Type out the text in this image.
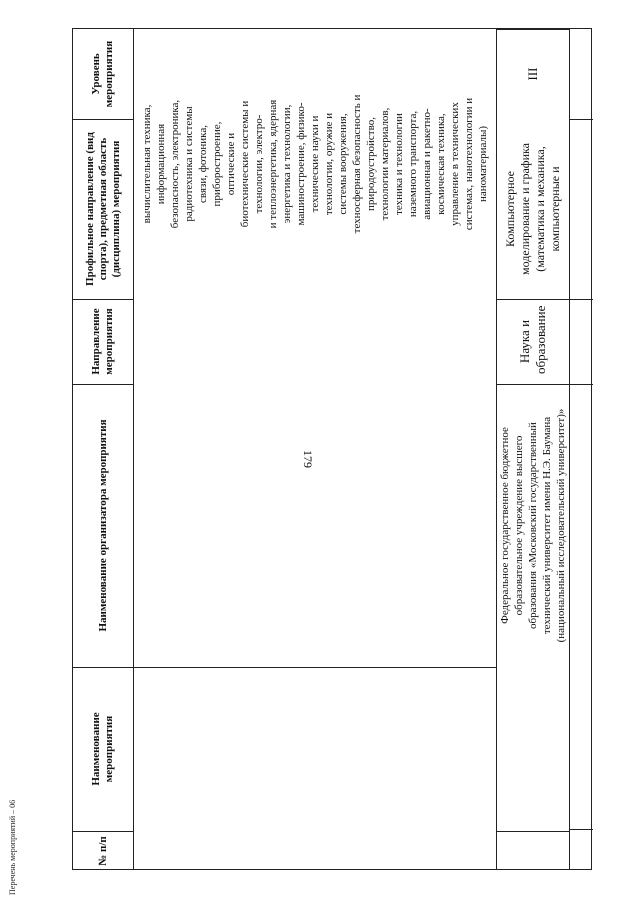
179
Перечень мероприятий – 06	№ п/п
Наименование мероприятия
Наименование организатора мероприятия
Направление мероприятия
Профильное направление (вид спорта), предметная область (дисциплина) мероприятия
Уровень мероприятия
вычислительная техника, информационная безопасность, электроника, радиотехника и системы связи, фотоника, приборостроение, оптические и биотехнические системы и технологии, электро- и теплоэнергетика, ядерная энергетика и технологии, машиностроение, физико- технические науки и технологии, оружие и системы вооружения, техносферная безопасность и природоустройство, технологии материалов, техника и технологии наземного транспорта, авиационная и ракетно- космическая техника, управление в технических системах, нанотехнологии и наноматериалы)
Федеральное государственное бюджетное образовательное учреждение высшего образования «Московский государственный технический университет имени Н.Э. Баумана (национальный исследовательский университет)»
Наука и образование
Компьютерное моделирование и графика (математика и механика, компьютерные и
III
